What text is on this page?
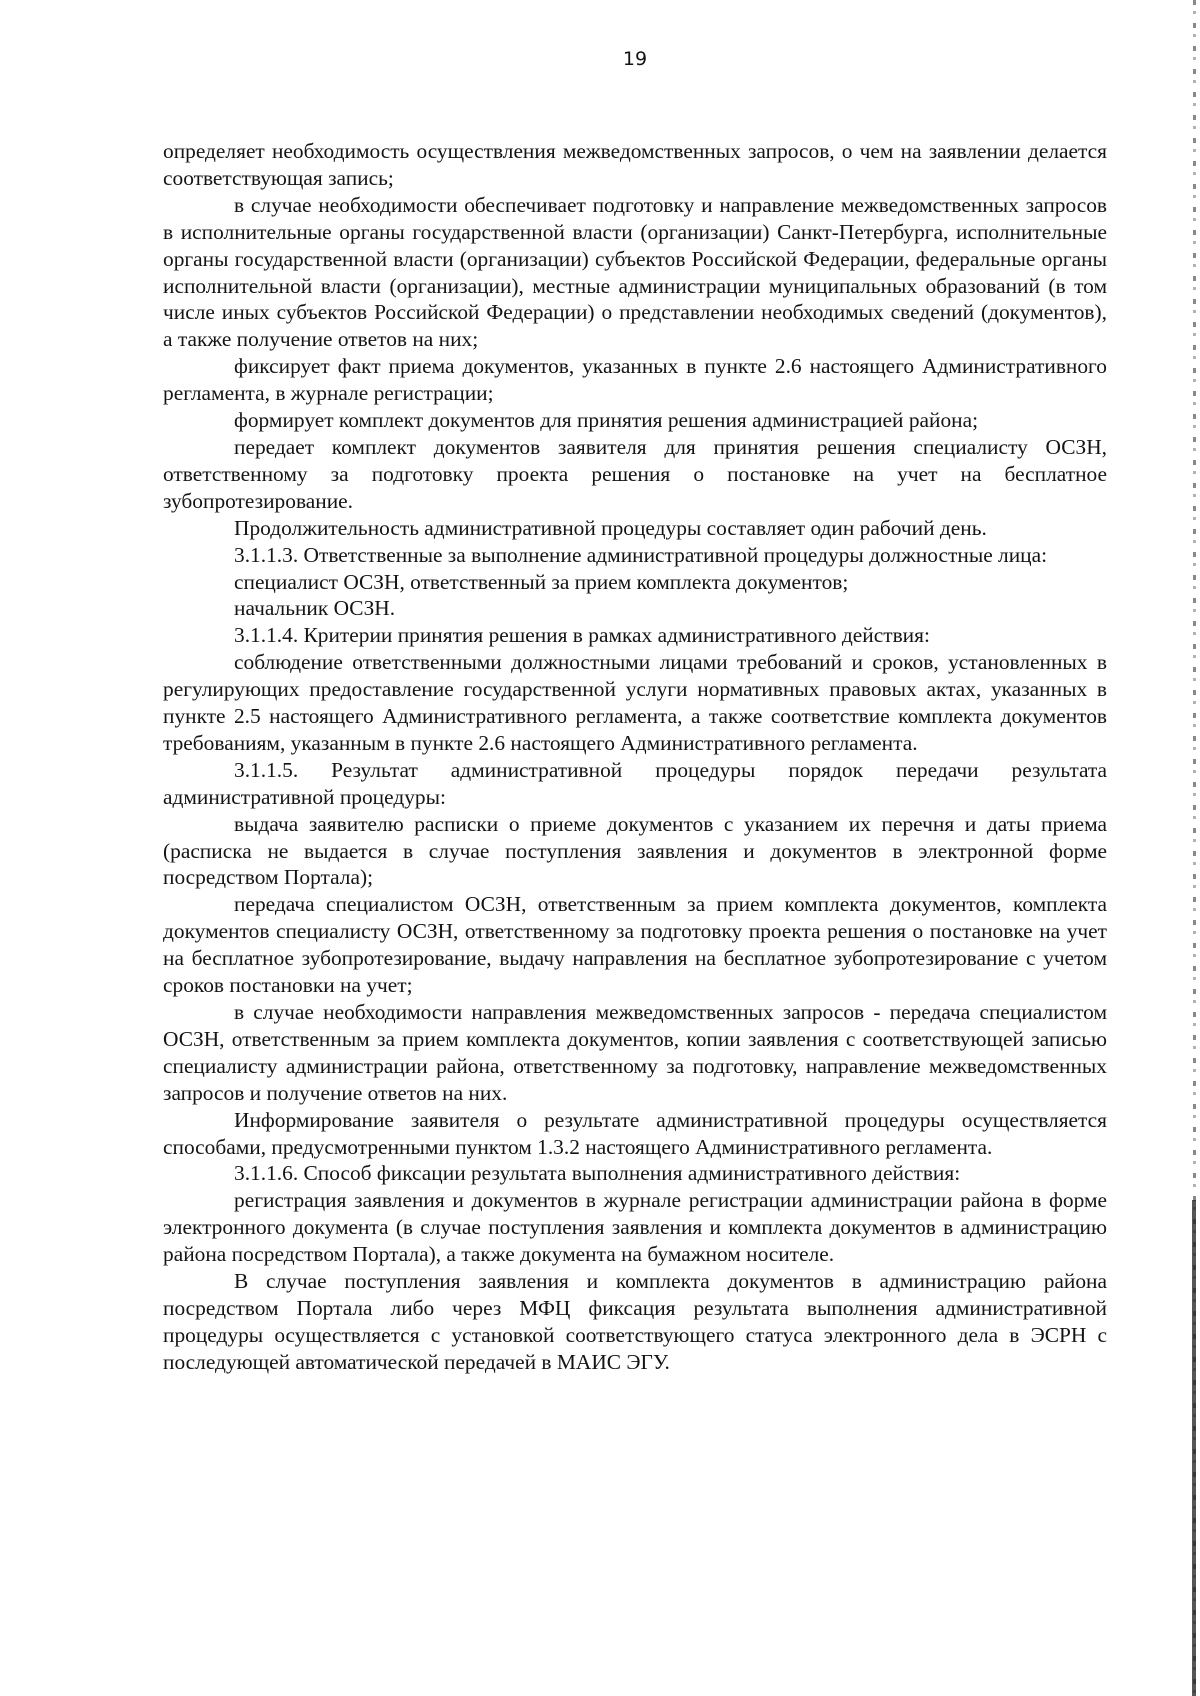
19

определяет необходимость осуществления межведомственных запросов, о чем на заявлении делается соответствующая запись;

в случае необходимости обеспечивает подготовку и направление межведомственных запросов в исполнительные органы государственной власти (организации) Санкт-Петербурга, исполнительные органы государственной власти (организации) субъектов Российской Федерации, федеральные органы исполнительной власти (организации), местные администрации муниципальных образований (в том числе иных субъектов Российской Федерации) о представлении необходимых сведений (документов), а также получение ответов на них;

фиксирует факт приема документов, указанных в пункте 2.6 настоящего Административного регламента, в журнале регистрации;

формирует комплект документов для принятия решения администрацией района;

передает комплект документов заявителя для принятия решения специалисту ОСЗН, ответственному за подготовку проекта решения о постановке на учет на бесплатное зубопротезирование.

Продолжительность административной процедуры составляет один рабочий день.

3.1.1.3. Ответственные за выполнение административной процедуры должностные лица:

специалист ОСЗН, ответственный за прием комплекта документов;

начальник ОСЗН.

3.1.1.4. Критерии принятия решения в рамках административного действия:

соблюдение ответственными должностными лицами требований и сроков, установленных в регулирующих предоставление государственной услуги нормативных правовых актах, указанных в пункте 2.5 настоящего Административного регламента, а также соответствие комплекта документов требованиям, указанным в пункте 2.6 настоящего Административного регламента.

3.1.1.5. Результат административной процедуры порядок передачи результата административной процедуры:

выдача заявителю расписки о приеме документов с указанием их перечня и даты приема (расписка не выдается в случае поступления заявления и документов в электронной форме посредством Портала);

передача специалистом ОСЗН, ответственным за прием комплекта документов, комплекта документов специалисту ОСЗН, ответственному за подготовку проекта решения о постановке на учет на бесплатное зубопротезирование, выдачу направления на бесплатное зубопротезирование с учетом сроков постановки на учет;

в случае необходимости направления межведомственных запросов - передача специалистом ОСЗН, ответственным за прием комплекта документов, копии заявления с соответствующей записью специалисту администрации района, ответственному за подготовку, направление межведомственных запросов и получение ответов на них.

Информирование заявителя о результате административной процедуры осуществляется способами, предусмотренными пунктом 1.3.2 настоящего Административного регламента.

3.1.1.6. Способ фиксации результата выполнения административного действия:

регистрация заявления и документов в журнале регистрации администрации района в форме электронного документа (в случае поступления заявления и комплекта документов в администрацию района посредством Портала), а также документа на бумажном носителе.

В случае поступления заявления и комплекта документов в администрацию района посредством Портала либо через МФЦ фиксация результата выполнения административной процедуры осуществляется с установкой соответствующего статуса электронного дела в ЭСРН с последующей автоматической передачей в МАИС ЭГУ.
